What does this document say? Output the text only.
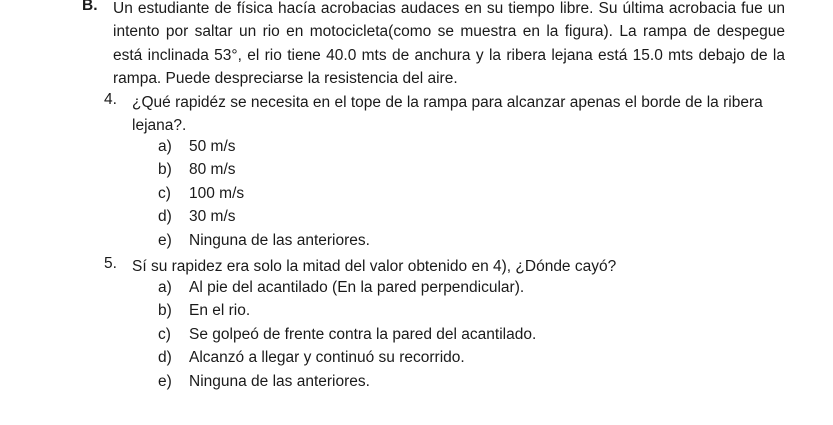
B. Un estudiante de física hacía acrobacias audaces en su tiempo libre. Su última acrobacia fue un intento por saltar un rio en motocicleta(como se muestra en la figura). La rampa de despegue está inclinada 53°, el rio tiene 40.0 mts de anchura y la ribera lejana está 15.0 mts debajo de la rampa. Puede despreciarse la resistencia del aire.

4. ¿Qué rapidéz se necesita en el tope de la rampa para alcanzar apenas el borde de la ribera lejana?.

a) 50 m/s
b) 80 m/s
c) 100 m/s
d) 30 m/s
e) Ninguna de las anteriores.
5. Sí su rapidez era solo la mitad del valor obtenido en 4), ¿Dónde cayó?

a) Al pie del acantilado (En la pared perpendicular).
b) En el rio.
c) Se golpeó de frente contra la pared del acantilado.
d) Alcanzó a llegar y continuó su recorrido.
e) Ninguna de las anteriores.
